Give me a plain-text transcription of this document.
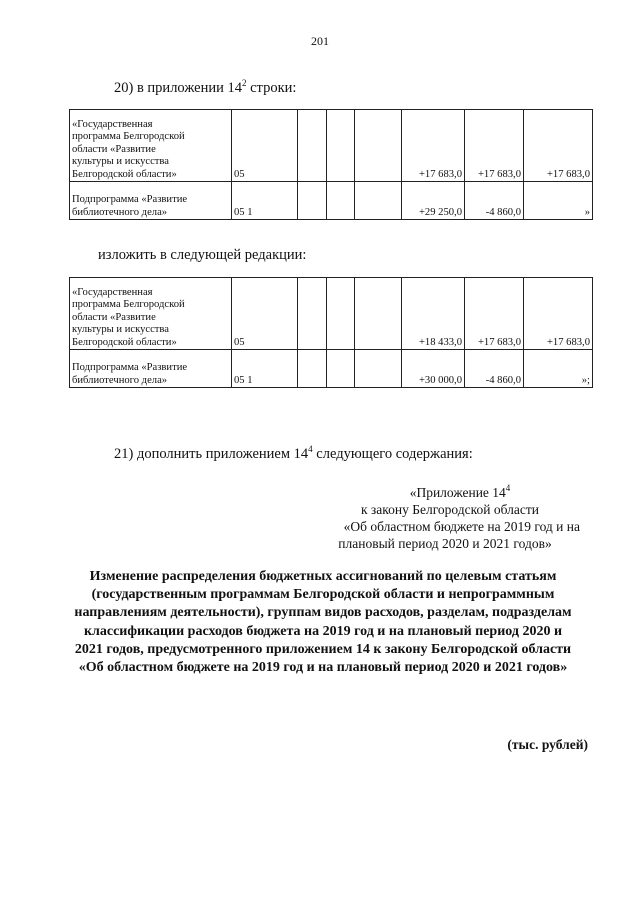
201
20) в приложении $14^2$ строки:
«Государственная
программа Белгородской
области «Развитие
культуры и искусства
Белгородской области»	05				+17 683,0	+17 683,0	+17 683,0

Подпрограмма «Развитие
библиотечного дела»	05 1				+29 250,0	-4 860,0	»
изложить в следующей редакции:
«Государственная
программа Белгородской
области «Развитие
культуры и искусства
Белгородской области»	05				+18 433,0	+17 683,0	+17 683,0

Подпрограмма «Развитие
библиотечного дела»	05 1				+30 000,0	-4 860,0	»;
21) дополнить приложением $14^4$ следующего содержания:
«Приложение $14^4$
к закону Белгородской области
«Об областном бюджете на 2019 год и на
плановый период 2020 и 2021 годов»
Изменение распределения бюджетных ассигнований по целевым статьям
(государственным программам Белгородской области и непрограммным
направлениям деятельности), группам видов расходов, разделам, подразделам
классификации расходов бюджета на 2019 год и на плановый период 2020 и
2021 годов, предусмотренного приложением 14 к закону Белгородской области
«Об областном бюджете на 2019 год и на плановый период 2020 и 2021 годов»
(тыс. рублей)
